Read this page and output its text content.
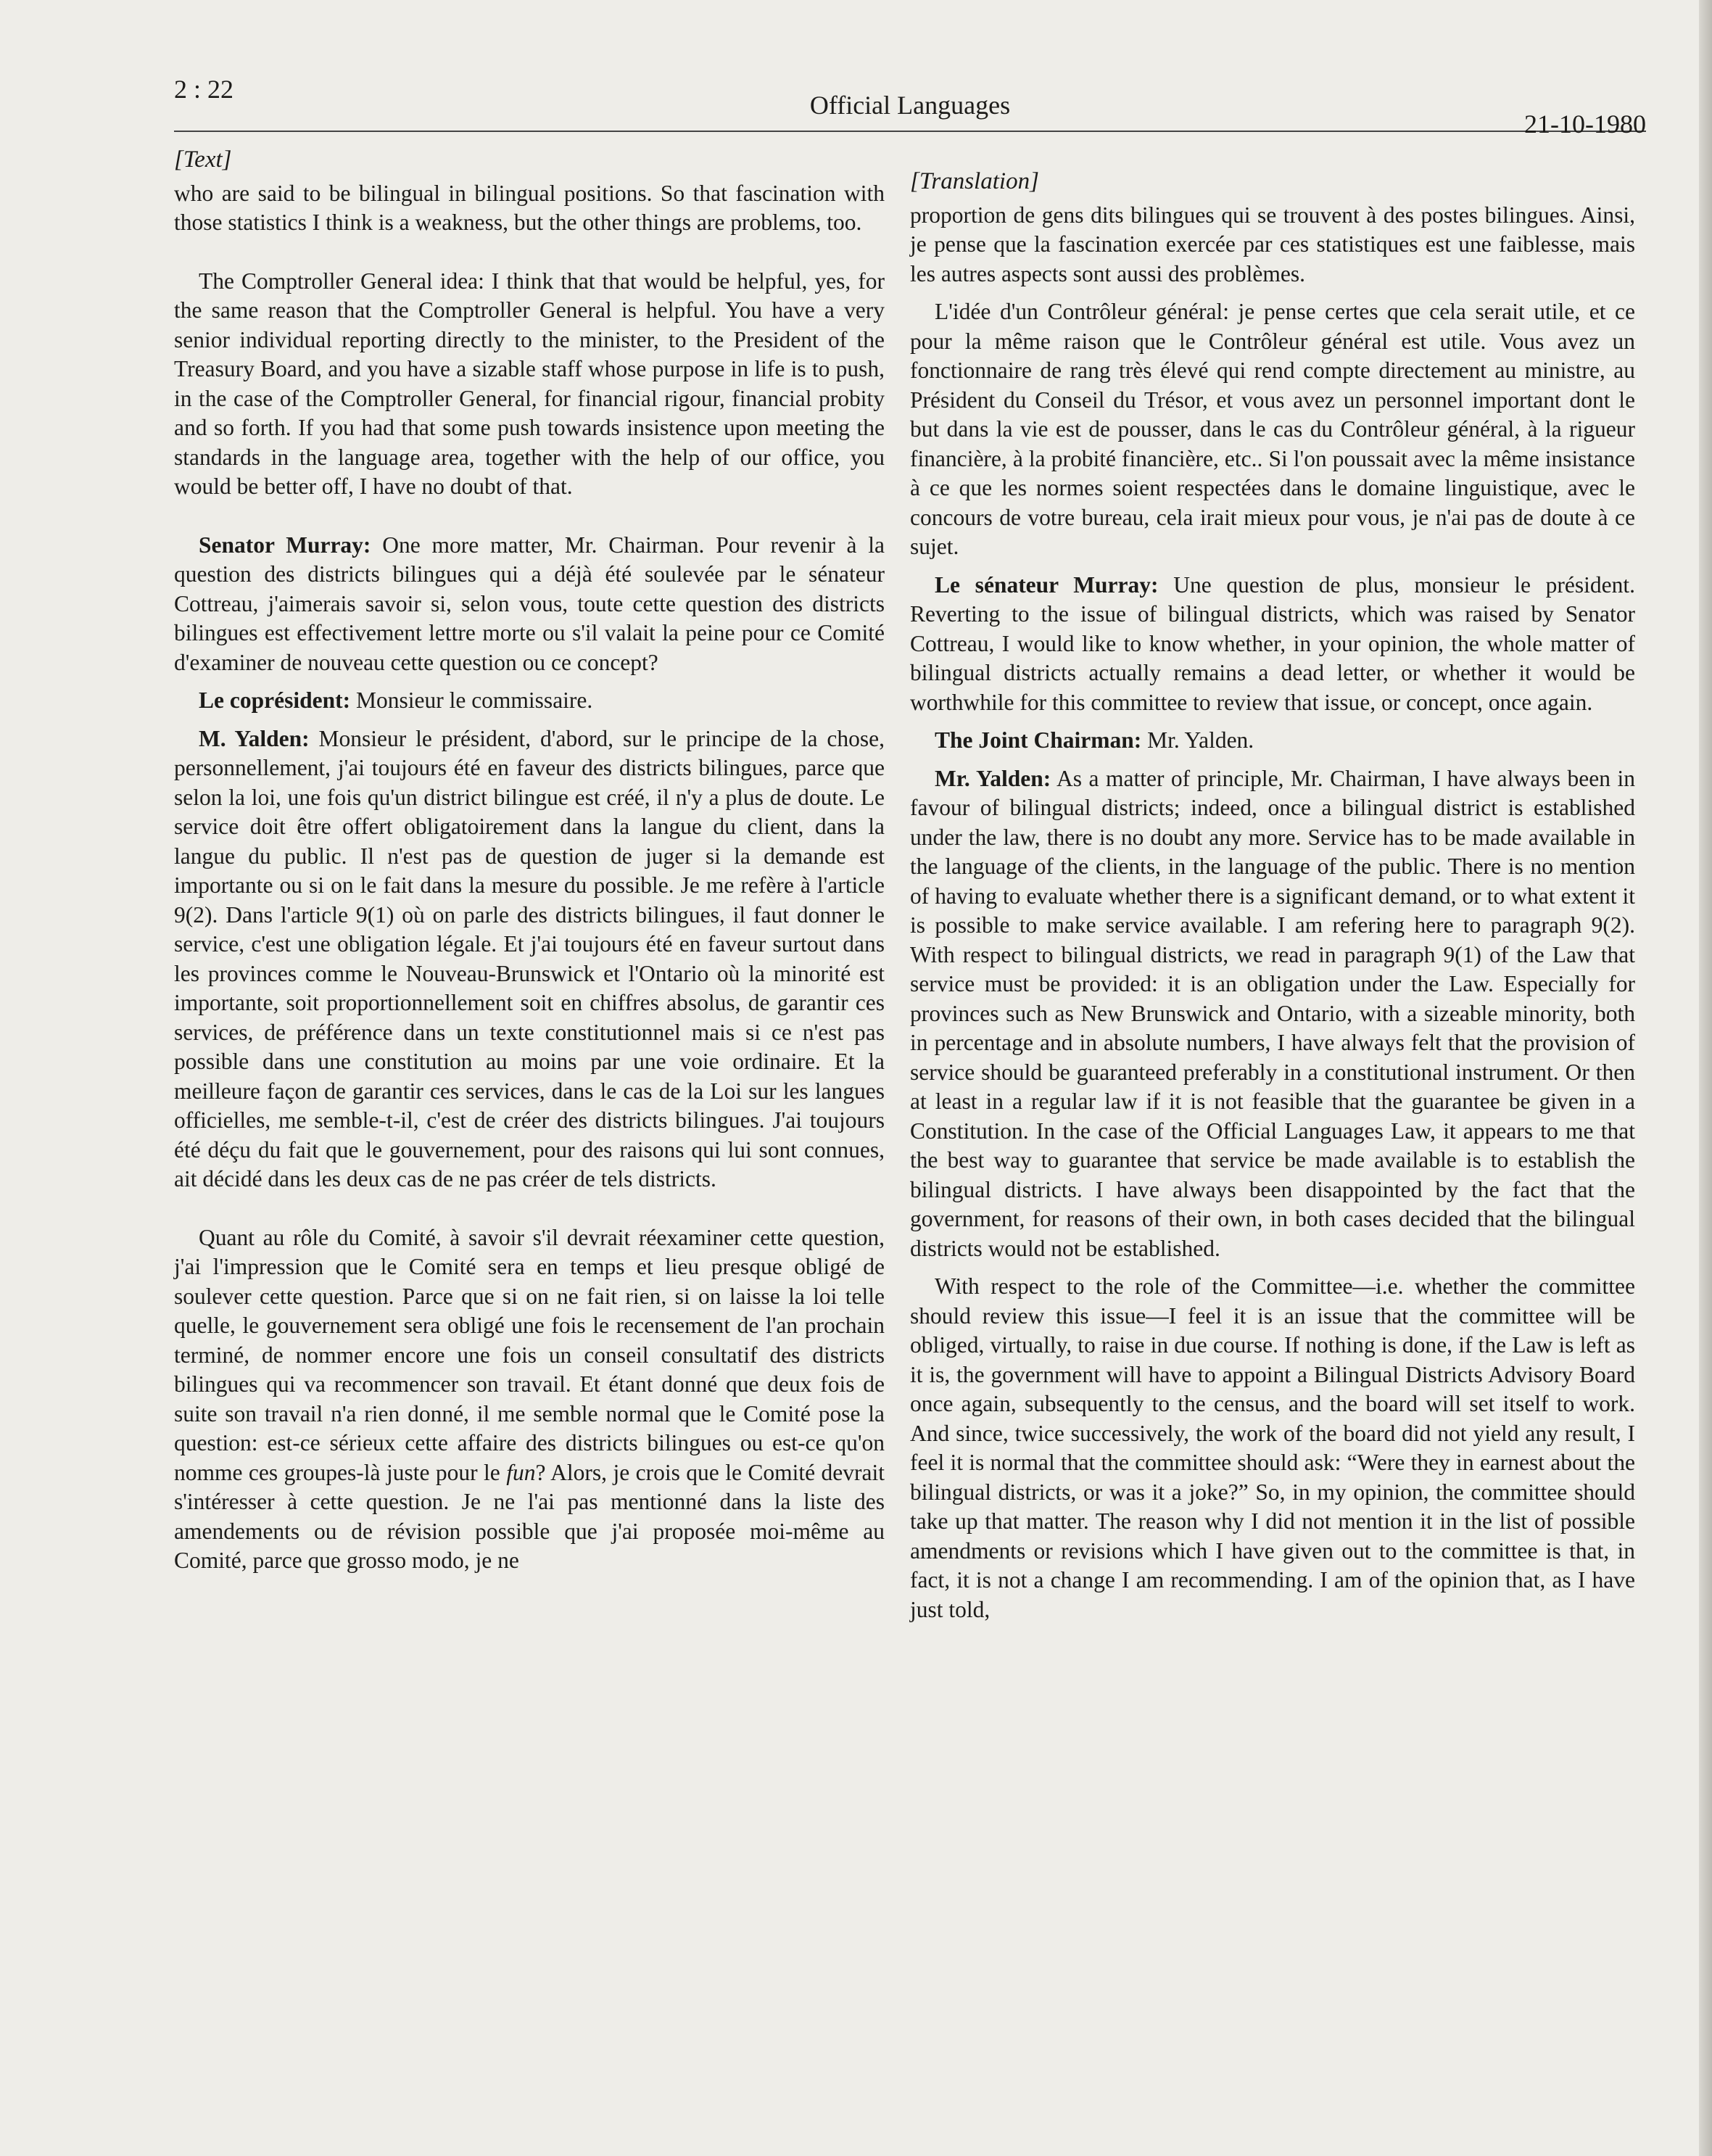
2 : 22
Official Languages
21-10-1980
[Text]

who are said to be bilingual in bilingual positions. So that fascination with those statistics I think is a weakness, but the other things are problems, too.

The Comptroller General idea: I think that that would be helpful, yes, for the same reason that the Comptroller General is helpful. You have a very senior individual reporting directly to the minister, to the President of the Treasury Board, and you have a sizable staff whose purpose in life is to push, in the case of the Comptroller General, for financial rigour, financial probity and so forth. If you had that some push towards insistence upon meeting the standards in the language area, together with the help of our office, you would be better off, I have no doubt of that.

Senator Murray: One more matter, Mr. Chairman. Pour revenir à la question des districts bilingues qui a déjà été soulevée par le sénateur Cottreau, j'aimerais savoir si, selon vous, toute cette question des districts bilingues est effectivement lettre morte ou s'il valait la peine pour ce Comité d'examiner de nouveau cette question ou ce concept?

Le coprésident: Monsieur le commissaire.

M. Yalden: Monsieur le président, d'abord, sur le principe de la chose, personnellement, j'ai toujours été en faveur des districts bilingues, parce que selon la loi, une fois qu'un district bilingue est créé, il n'y a plus de doute. Le service doit être offert obligatoirement dans la langue du client, dans la langue du public. Il n'est pas de question de juger si la demande est importante ou si on le fait dans la mesure du possible. Je me refère à l'article 9(2). Dans l'article 9(1) où on parle des districts bilingues, il faut donner le service, c'est une obligation légale. Et j'ai toujours été en faveur surtout dans les provinces comme le Nouveau-Brunswick et l'Ontario où la minorité est importante, soit proportionnellement soit en chiffres absolus, de garantir ces services, de préférence dans un texte constitutionnel mais si ce n'est pas possible dans une constitution au moins par une voie ordinaire. Et la meilleure façon de garantir ces services, dans le cas de la Loi sur les langues officielles, me semble-t-il, c'est de créer des districts bilingues. J'ai toujours été déçu du fait que le gouvernement, pour des raisons qui lui sont connues, ait décidé dans les deux cas de ne pas créer de tels districts.

Quant au rôle du Comité, à savoir s'il devrait réexaminer cette question, j'ai l'impression que le Comité sera en temps et lieu presque obligé de soulever cette question. Parce que si on ne fait rien, si on laisse la loi telle quelle, le gouvernement sera obligé une fois le recensement de l'an prochain terminé, de nommer encore une fois un conseil consultatif des districts bilingues qui va recommencer son travail. Et étant donné que deux fois de suite son travail n'a rien donné, il me semble normal que le Comité pose la question: est-ce sérieux cette affaire des districts bilingues ou est-ce qu'on nomme ces groupes-là juste pour le fun? Alors, je crois que le Comité devrait s'intéresser à cette question. Je ne l'ai pas mentionné dans la liste des amendements ou de révision possible que j'ai proposée moi-même au Comité, parce que grosso modo, je ne

[Translation]

proportion de gens dits bilingues qui se trouvent à des postes bilingues. Ainsi, je pense que la fascination exercée par ces statistiques est une faiblesse, mais les autres aspects sont aussi des problèmes.

L'idée d'un Contrôleur général: je pense certes que cela serait utile, et ce pour la même raison que le Contrôleur général est utile. Vous avez un fonctionnaire de rang très élevé qui rend compte directement au ministre, au Président du Conseil du Trésor, et vous avez un personnel important dont le but dans la vie est de pousser, dans le cas du Contrôleur général, à la rigueur financière, à la probité financière, etc.. Si l'on poussait avec la même insistance à ce que les normes soient respectées dans le domaine linguistique, avec le concours de votre bureau, cela irait mieux pour vous, je n'ai pas de doute à ce sujet.

Le sénateur Murray: Une question de plus, monsieur le président. Reverting to the issue of bilingual districts, which was raised by Senator Cottreau, I would like to know whether, in your opinion, the whole matter of bilingual districts actually remains a dead letter, or whether it would be worthwhile for this committee to review that issue, or concept, once again.

The Joint Chairman: Mr. Yalden.

Mr. Yalden: As a matter of principle, Mr. Chairman, I have always been in favour of bilingual districts; indeed, once a bilingual district is established under the law, there is no doubt any more. Service has to be made available in the language of the clients, in the language of the public. There is no mention of having to evaluate whether there is a significant demand, or to what extent it is possible to make service available. I am refering here to paragraph 9(2). With respect to bilingual districts, we read in paragraph 9(1) of the Law that service must be provided: it is an obligation under the Law. Especially for provinces such as New Brunswick and Ontario, with a sizeable minority, both in percentage and in absolute numbers, I have always felt that the provision of service should be guaranteed preferably in a constitutional instrument. Or then at least in a regular law if it is not feasible that the guarantee be given in a Constitution. In the case of the Official Languages Law, it appears to me that the best way to guarantee that service be made available is to establish the bilingual districts. I have always been disappointed by the fact that the government, for reasons of their own, in both cases decided that the bilingual districts would not be established.

With respect to the role of the Committee—i.e. whether the committee should review this issue—I feel it is an issue that the committee will be obliged, virtually, to raise in due course. If nothing is done, if the Law is left as it is, the government will have to appoint a Bilingual Districts Advisory Board once again, subsequently to the census, and the board will set itself to work. And since, twice successively, the work of the board did not yield any result, I feel it is normal that the committee should ask: “Were they in earnest about the bilingual districts, or was it a joke?” So, in my opinion, the committee should take up that matter. The reason why I did not mention it in the list of possible amendments or revisions which I have given out to the committee is that, in fact, it is not a change I am recommending. I am of the opinion that, as I have just told,
